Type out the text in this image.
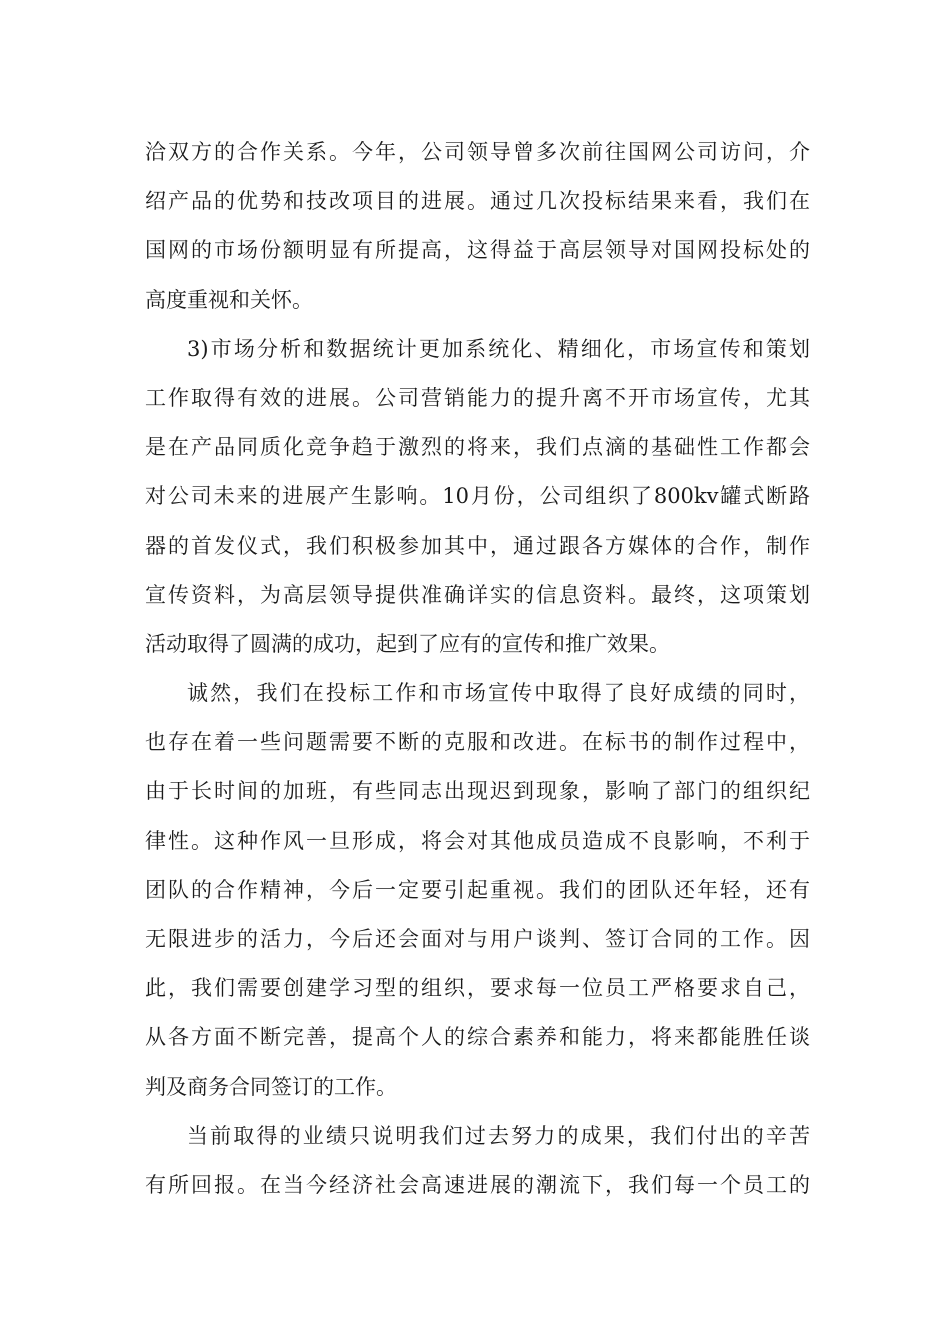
洽双方的合作关系。今年，公司领导曾多次前往国网公司访问，介
绍产品的优势和技改项目的进展。通过几次投标结果来看，我们在
国网的市场份额明显有所提高，这得益于高层领导对国网投标处的
高度重视和关怀。
3)市场分析和数据统计更加系统化、精细化，市场宣传和策划
工作取得有效的进展。公司营销能力的提升离不开市场宣传，尤其
是在产品同质化竞争趋于激烈的将来，我们点滴的基础性工作都会
对公司未来的进展产生影响。10月份，公司组织了800kv罐式断路
器的首发仪式，我们积极参加其中，通过跟各方媒体的合作，制作
宣传资料，为高层领导提供准确详实的信息资料。最终，这项策划
活动取得了圆满的成功，起到了应有的宣传和推广效果。
诚然，我们在投标工作和市场宣传中取得了良好成绩的同时，
也存在着一些问题需要不断的克服和改进。在标书的制作过程中，
由于长时间的加班，有些同志出现迟到现象，影响了部门的组织纪
律性。这种作风一旦形成，将会对其他成员造成不良影响，不利于
团队的合作精神，今后一定要引起重视。我们的团队还年轻，还有
无限进步的活力，今后还会面对与用户谈判、签订合同的工作。因
此，我们需要创建学习型的组织，要求每一位员工严格要求自己，
从各方面不断完善，提高个人的综合素养和能力，将来都能胜任谈
判及商务合同签订的工作。
当前取得的业绩只说明我们过去努力的成果，我们付出的辛苦
有所回报。在当今经济社会高速进展的潮流下，我们每一个员工的
